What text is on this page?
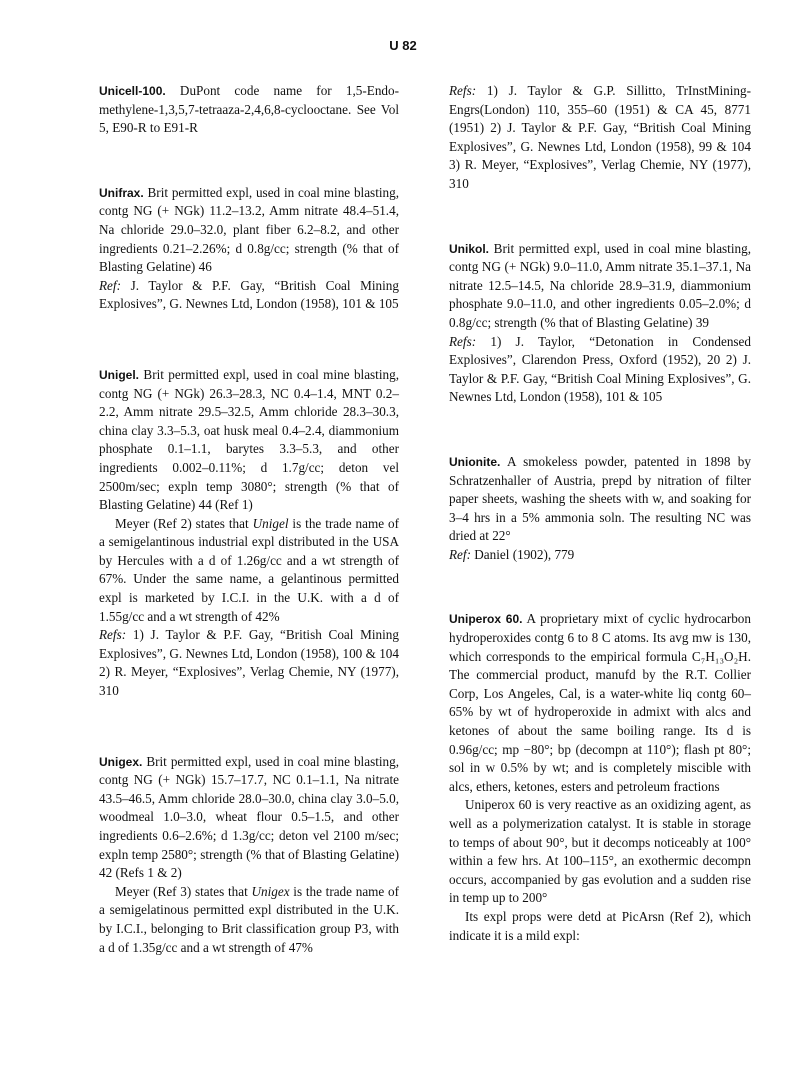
U 82

Unicell-100. DuPont code name for 1,5-Endo-methylene-1,3,5,7-tetraaza-2,4,6,8-cyclooctane. See Vol 5, E90-R to E91-R

Unifrax. Brit permitted expl, used in coal mine blasting, contg NG (+ NGk) 11.2–13.2, Amm nitrate 48.4–51.4, Na chloride 29.0–32.0, plant fiber 6.2–8.2, and other ingredients 0.21–2.26%; d 0.8g/cc; strength (% that of Blasting Gelatine) 46

Ref: J. Taylor & P.F. Gay, “British Coal Mining Explosives”, G. Newnes Ltd, London (1958), 101 & 105

Unigel. Brit permitted expl, used in coal mine blasting, contg NG (+ NGk) 26.3–28.3, NC 0.4–1.4, MNT 0.2–2.2, Amm nitrate 29.5–32.5, Amm chloride 28.3–30.3, china clay 3.3–5.3, oat husk meal 0.4–2.4, diammonium phosphate 0.1–1.1, barytes 3.3–5.3, and other ingredients 0.002–0.11%; d 1.7g/cc; deton vel 2500m/sec; expln temp 3080°; strength (% that of Blasting Gelatine) 44 (Ref 1)

Meyer (Ref 2) states that Unigel is the trade name of a semigelantinous industrial expl distributed in the USA by Hercules with a d of 1.26g/cc and a wt strength of 67%. Under the same name, a gelantinous permitted expl is marketed by I.C.I. in the U.K. with a d of 1.55g/cc and a wt strength of 42%

Refs: 1) J. Taylor & P.F. Gay, “British Coal Mining Explosives”, G. Newnes Ltd, London (1958), 100 & 104 2) R. Meyer, “Explosives”, Verlag Chemie, NY (1977), 310

Unigex. Brit permitted expl, used in coal mine blasting, contg NG (+ NGk) 15.7–17.7, NC 0.1–1.1, Na nitrate 43.5–46.5, Amm chloride 28.0–30.0, china clay 3.0–5.0, woodmeal 1.0–3.0, wheat flour 0.5–1.5, and other ingredients 0.6–2.6%; d 1.3g/cc; deton vel 2100 m/sec; expln temp 2580°; strength (% that of Blasting Gelatine) 42 (Refs 1 & 2)

Meyer (Ref 3) states that Unigex is the trade name of a semigelatinous permitted expl distributed in the U.K. by I.C.I., belonging to Brit classification group P3, with a d of 1.35g/cc and a wt strength of 47%

Refs: 1) J. Taylor & G.P. Sillitto, TrInstMining-Engrs(London) 110, 355–60 (1951) & CA 45, 8771 (1951) 2) J. Taylor & P.F. Gay, “British Coal Mining Explosives”, G. Newnes Ltd, London (1958), 99 & 104 3) R. Meyer, “Explosives”, Verlag Chemie, NY (1977), 310

Unikol. Brit permitted expl, used in coal mine blasting, contg NG (+ NGk) 9.0–11.0, Amm nitrate 35.1–37.1, Na nitrate 12.5–14.5, Na chloride 28.9–31.9, diammonium phosphate 9.0–11.0, and other ingredients 0.05–2.0%; d 0.8g/cc; strength (% that of Blasting Gelatine) 39

Refs: 1) J. Taylor, “Detonation in Condensed Explosives”, Clarendon Press, Oxford (1952), 20 2) J. Taylor & P.F. Gay, “British Coal Mining Explosives”, G. Newnes Ltd, London (1958), 101 & 105

Unionite. A smokeless powder, patented in 1898 by Schratzenhaller of Austria, prepd by nitration of filter paper sheets, washing the sheets with w, and soaking for 3–4 hrs in a 5% ammonia soln. The resulting NC was dried at 22°

Ref: Daniel (1902), 779

Uniperox 60. A proprietary mixt of cyclic hydrocarbon hydroperoxides contg 6 to 8 C atoms. Its avg mw is 130, which corresponds to the empirical formula C₇H₁₃O₂H. The commercial product, manufd by the R.T. Collier Corp, Los Angeles, Cal, is a water-white liq contg 60–65% by wt of hydroperoxide in admixt with alcs and ketones of about the same boiling range. Its d is 0.96g/cc; mp −80°; bp (decompn at 110°); flash pt 80°; sol in w 0.5% by wt; and is completely miscible with alcs, ethers, ketones, esters and petroleum fractions

Uniperox 60 is very reactive as an oxidizing agent, as well as a polymerization catalyst. It is stable in storage to temps of about 90°, but it decomps noticeably at 100° within a few hrs. At 100–115°, an exothermic decompn occurs, accompanied by gas evolution and a sudden rise in temp up to 200°

Its expl props were detd at PicArsn (Ref 2), which indicate it is a mild expl:
